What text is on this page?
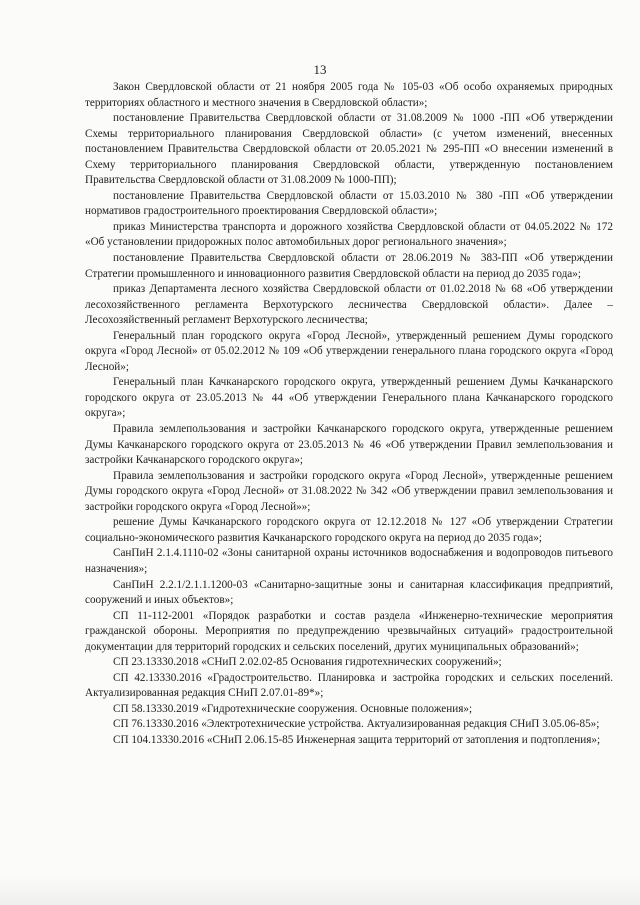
13

Закон Свердловской области от 21 ноября 2005 года № 105-03 «Об особо охраняемых природных территориях областного и местного значения в Свердловской области»;

постановление Правительства Свердловской области от 31.08.2009 № 1000 -ПП «Об утверждении Схемы территориального планирования Свердловской области» (с учетом изменений, внесенных постановлением Правительства Свердловской области от 20.05.2021 № 295-ПП «О внесении изменений в Схему территориального планирования Свердловской области, утвержденную постановлением Правительства Свердловской области от 31.08.2009 № 1000-ПП);

постановление Правительства Свердловской области от 15.03.2010 № 380 -ПП «Об утверждении нормативов градостроительного проектирования Свердловской области»;

приказ Министерства транспорта и дорожного хозяйства Свердловской области от 04.05.2022 № 172 «Об установлении придорожных полос автомобильных дорог регионального значения»;

постановление Правительства Свердловской области от 28.06.2019 № 383-ПП «Об утверждении Стратегии промышленного и инновационного развития Свердловской области на период до 2035 года»;

приказ Департамента лесного хозяйства Свердловской области от 01.02.2018 № 68 «Об утверждении лесохозяйственного регламента Верхотурского лесничества Свердловской области». Далее – Лесохозяйственный регламент Верхотурского лесничества;

Генеральный план городского округа «Город Лесной», утвержденный решением Думы городского округа «Город Лесной» от 05.02.2012 № 109 «Об утверждении генерального плана городского округа «Город Лесной»;

Генеральный план Качканарского городского округа, утвержденный решением Думы Качканарского городского округа от 23.05.2013 № 44 «Об утверждении Генерального плана Качканарского городского округа»;

Правила землепользования и застройки Качканарского городского округа, утвержденные решением Думы Качканарского городского округа от 23.05.2013 № 46 «Об утверждении Правил землепользования и застройки Качканарского городского округа»;

Правила землепользования и застройки городского округа «Город Лесной», утвержденные решением Думы городского округа «Город Лесной» от 31.08.2022 № 342 «Об утверждении правил землепользования и застройки городского округа «Город Лесной»»;

решение Думы Качканарского городского округа от 12.12.2018 № 127 «Об утверждении Стратегии социально-экономического развития Качканарского городского округа на период до 2035 года»;

СанПиН 2.1.4.1110-02 «Зоны санитарной охраны источников водоснабжения и водопроводов питьевого назначения»;

СанПиН 2.2.1/2.1.1.1200-03 «Санитарно-защитные зоны и санитарная классификация предприятий, сооружений и иных объектов»;

СП 11-112-2001 «Порядок разработки и состав раздела «Инженерно-технические мероприятия гражданской обороны. Мероприятия по предупреждению чрезвычайных ситуаций» градостроительной документации для территорий городских и сельских поселений, других муниципальных образований»;

СП 23.13330.2018 «СНиП 2.02.02-85 Основания гидротехнических сооружений»;

СП 42.13330.2016 «Градостроительство. Планировка и застройка городских и сельских поселений. Актуализированная редакция СНиП 2.07.01-89*»;

СП 58.13330.2019 «Гидротехнические сооружения. Основные положения»;

СП 76.13330.2016 «Электротехнические устройства. Актуализированная редакция СНиП 3.05.06-85»;

СП 104.13330.2016 «СНиП 2.06.15-85 Инженерная защита территорий от затопления и подтопления»;
